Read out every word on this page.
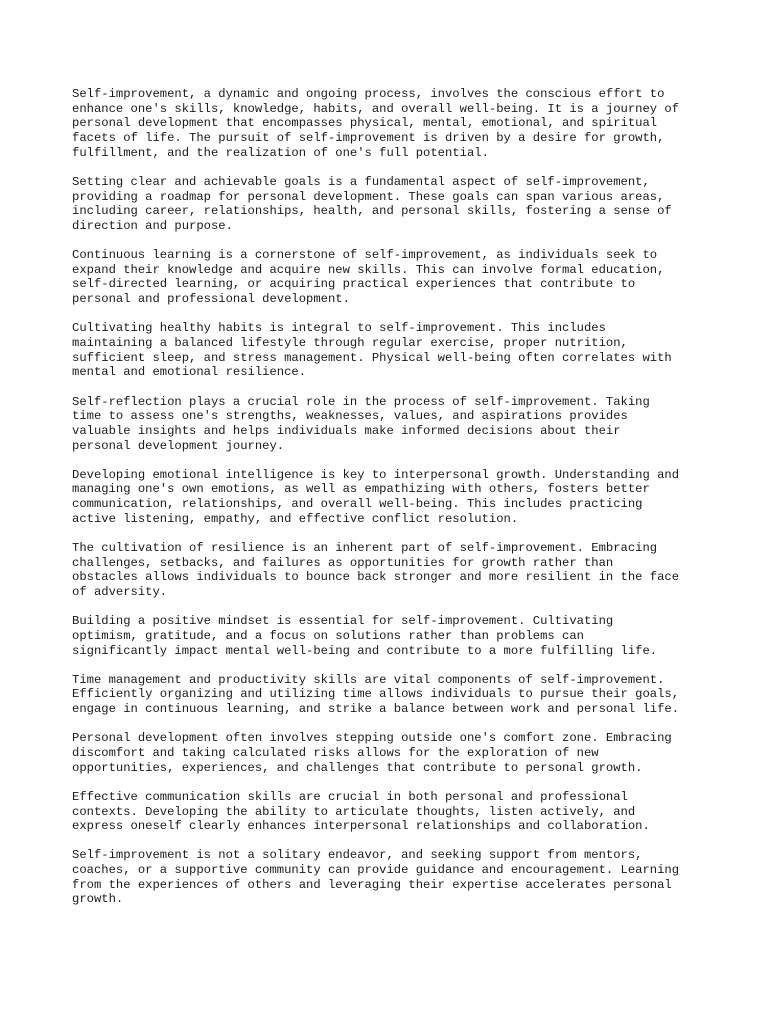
Self-improvement, a dynamic and ongoing process, involves the conscious effort to
enhance one's skills, knowledge, habits, and overall well-being. It is a journey of
personal development that encompasses physical, mental, emotional, and spiritual
facets of life. The pursuit of self-improvement is driven by a desire for growth,
fulfillment, and the realization of one's full potential.

Setting clear and achievable goals is a fundamental aspect of self-improvement,
providing a roadmap for personal development. These goals can span various areas,
including career, relationships, health, and personal skills, fostering a sense of
direction and purpose.

Continuous learning is a cornerstone of self-improvement, as individuals seek to
expand their knowledge and acquire new skills. This can involve formal education,
self-directed learning, or acquiring practical experiences that contribute to
personal and professional development.

Cultivating healthy habits is integral to self-improvement. This includes
maintaining a balanced lifestyle through regular exercise, proper nutrition,
sufficient sleep, and stress management. Physical well-being often correlates with
mental and emotional resilience.

Self-reflection plays a crucial role in the process of self-improvement. Taking
time to assess one's strengths, weaknesses, values, and aspirations provides
valuable insights and helps individuals make informed decisions about their
personal development journey.

Developing emotional intelligence is key to interpersonal growth. Understanding and
managing one's own emotions, as well as empathizing with others, fosters better
communication, relationships, and overall well-being. This includes practicing
active listening, empathy, and effective conflict resolution.

The cultivation of resilience is an inherent part of self-improvement. Embracing
challenges, setbacks, and failures as opportunities for growth rather than
obstacles allows individuals to bounce back stronger and more resilient in the face
of adversity.

Building a positive mindset is essential for self-improvement. Cultivating
optimism, gratitude, and a focus on solutions rather than problems can
significantly impact mental well-being and contribute to a more fulfilling life.

Time management and productivity skills are vital components of self-improvement.
Efficiently organizing and utilizing time allows individuals to pursue their goals,
engage in continuous learning, and strike a balance between work and personal life.

Personal development often involves stepping outside one's comfort zone. Embracing
discomfort and taking calculated risks allows for the exploration of new
opportunities, experiences, and challenges that contribute to personal growth.

Effective communication skills are crucial in both personal and professional
contexts. Developing the ability to articulate thoughts, listen actively, and
express oneself clearly enhances interpersonal relationships and collaboration.

Self-improvement is not a solitary endeavor, and seeking support from mentors,
coaches, or a supportive community can provide guidance and encouragement. Learning
from the experiences of others and leveraging their expertise accelerates personal
growth.
